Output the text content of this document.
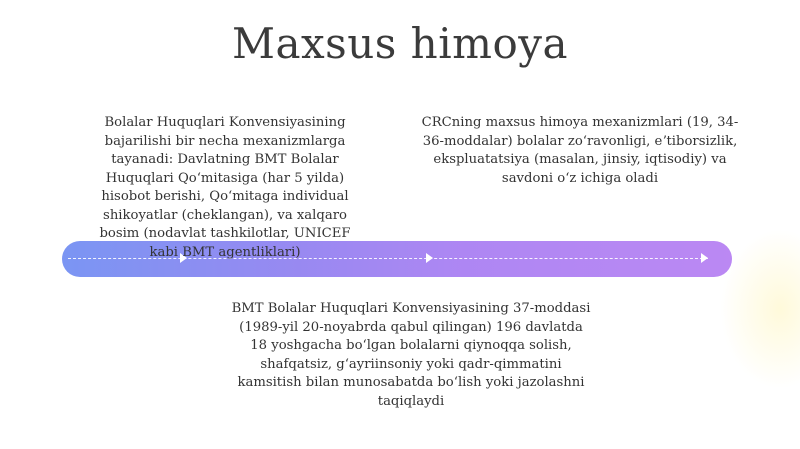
Maxsus himoya
Bolalar Huquqlari Konvensiyasining bajarilishi bir necha mexanizmlarga tayanadi: Davlatning BMT Bolalar Huquqlari Qoʻmitasiga (har 5 yilda) hisobot berishi, Qoʻmitaga individual shikoyatlar (cheklangan), va xalqaro bosim (nodavlat tashkilotlar, UNICEF kabi BMT agentliklari)
CRCning maxsus himoya mexanizmlari (19, 34-36-moddalar) bolalar zoʻravonligi, eʼtiborsizlik, ekspluatatsiya (masalan, jinsiy, iqtisodiy) va savdoni oʻz ichiga oladi
BMT Bolalar Huquqlari Konvensiyasining 37-moddasi (1989-yil 20-noyabrda qabul qilingan) 196 davlatda 18 yoshgacha boʻlgan bolalarni qiynoqqa solish, shafqatsiz, gʻayriinsoniy yoki qadr-qimmatini kamsitish bilan munosabatda boʻlish yoki jazolashni taqiqlaydi
